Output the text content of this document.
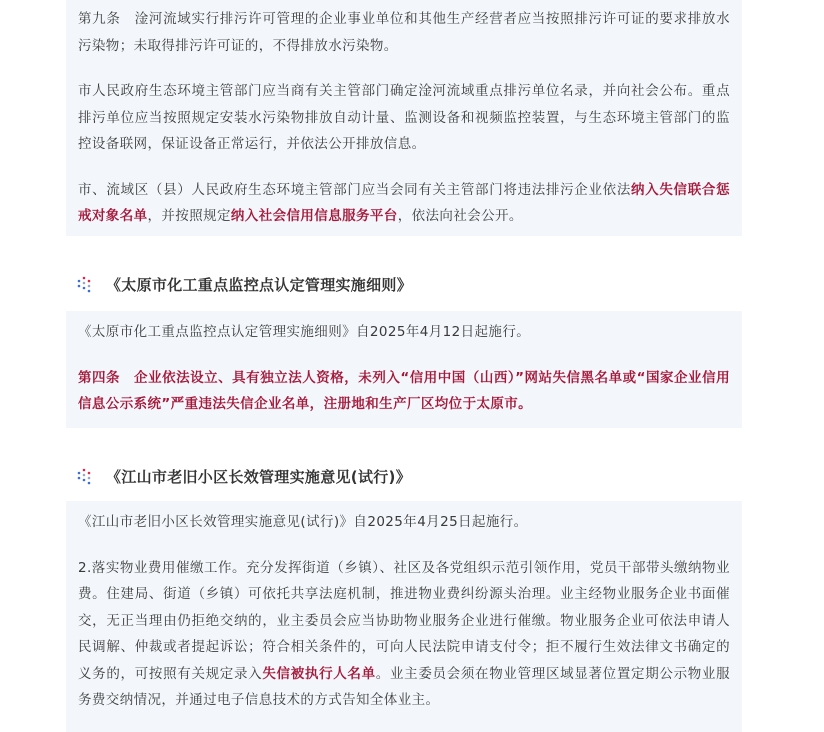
第九条　淦河流域实行排污许可管理的企业事业单位和其他生产经营者应当按照排污许可证的要求排放水污染物；未取得排污许可证的，不得排放水污染物。

市人民政府生态环境主管部门应当商有关主管部门确定淦河流域重点排污单位名录，并向社会公布。重点排污单位应当按照规定安装水污染物排放自动计量、监测设备和视频监控装置，与生态环境主管部门的监控设备联网，保证设备正常运行，并依法公开排放信息。

市、流域区（县）人民政府生态环境主管部门应当会同有关主管部门将违法排污企业依法纳入失信联合惩戒对象名单，并按照规定纳入社会信用信息服务平台，依法向社会公开。

《太原市化工重点监控点认定管理实施细则》

《太原市化工重点监控点认定管理实施细则》自2025年4月12日起施行。

第四条　企业依法设立、具有独立法人资格，未列入“信用中国（山西）”网站失信黑名单或“国家企业信用信息公示系统”严重违法失信企业名单，注册地和生产厂区均位于太原市。

《江山市老旧小区长效管理实施意见(试行)》

《江山市老旧小区长效管理实施意见(试行)》自2025年4月25日起施行。

2.落实物业费用催缴工作。充分发挥街道（乡镇）、社区及各党组织示范引领作用，党员干部带头缴纳物业费。住建局、街道（乡镇）可依托共享法庭机制，推进物业费纠纷源头治理。业主经物业服务企业书面催交，无正当理由仍拒绝交纳的，业主委员会应当协助物业服务企业进行催缴。物业服务企业可依法申请人民调解、仲裁或者提起诉讼；符合相关条件的，可向人民法院申请支付令；拒不履行生效法律文书确定的义务的，可按照有关规定录入失信被执行人名单。业主委员会须在物业管理区域显著位置定期公示物业服务费交纳情况，并通过电子信息技术的方式告知全体业主。
